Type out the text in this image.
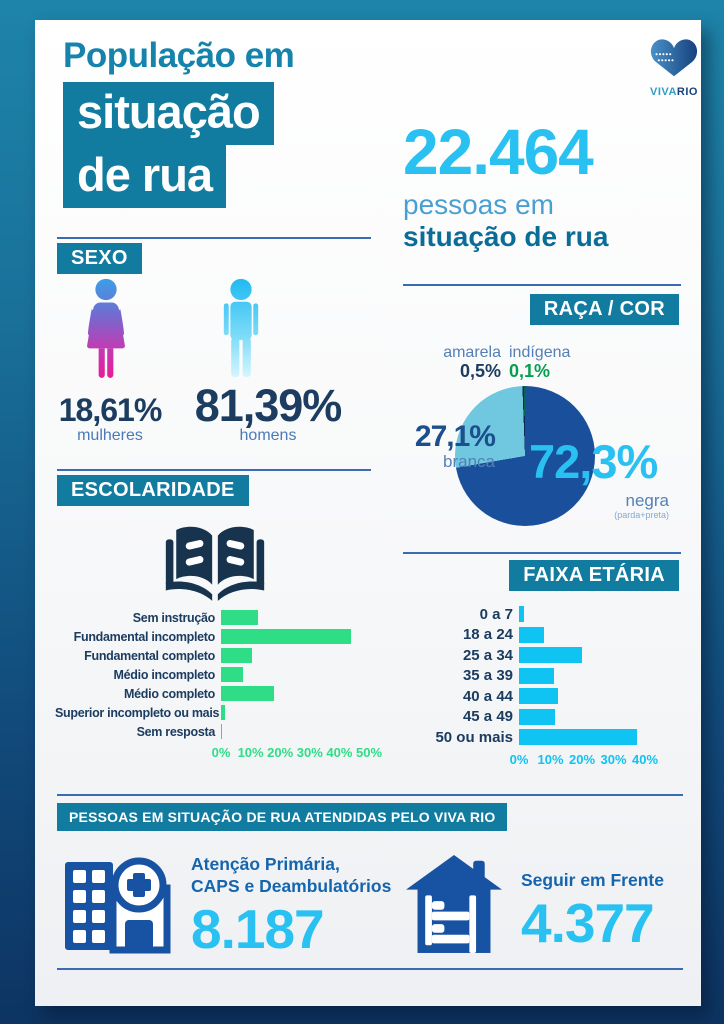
População em
situação
de rua
VIVARIO
22.464
pessoas em
situação de rua
SEXO
18,61%
mulheres
81,39%
homens
RAÇA / COR
amarela
0,5%
indígena
0,1%
27,1%
branca 72,3%
negra
(parda+preta)
ESCOLARIDADE
Sem instrução
Fundamental incompleto
Fundamental completo
Médio incompleto
Médio completo
Superior incompleto ou mais
Sem resposta
0% 10% 20% 30% 40% 50%
FAIXA ETÁRIA
0 a 7
18 a 24
25 a 34
35 a 39
40 a 44
45 a 49
50 ou mais
0% 10% 20% 30% 40%
PESSOAS EM SITUAÇÃO DE RUA ATENDIDAS PELO VIVA RIO
Atenção Primária,
CAPS e Deambulatórios
8.187
Seguir em Frente
4.377
